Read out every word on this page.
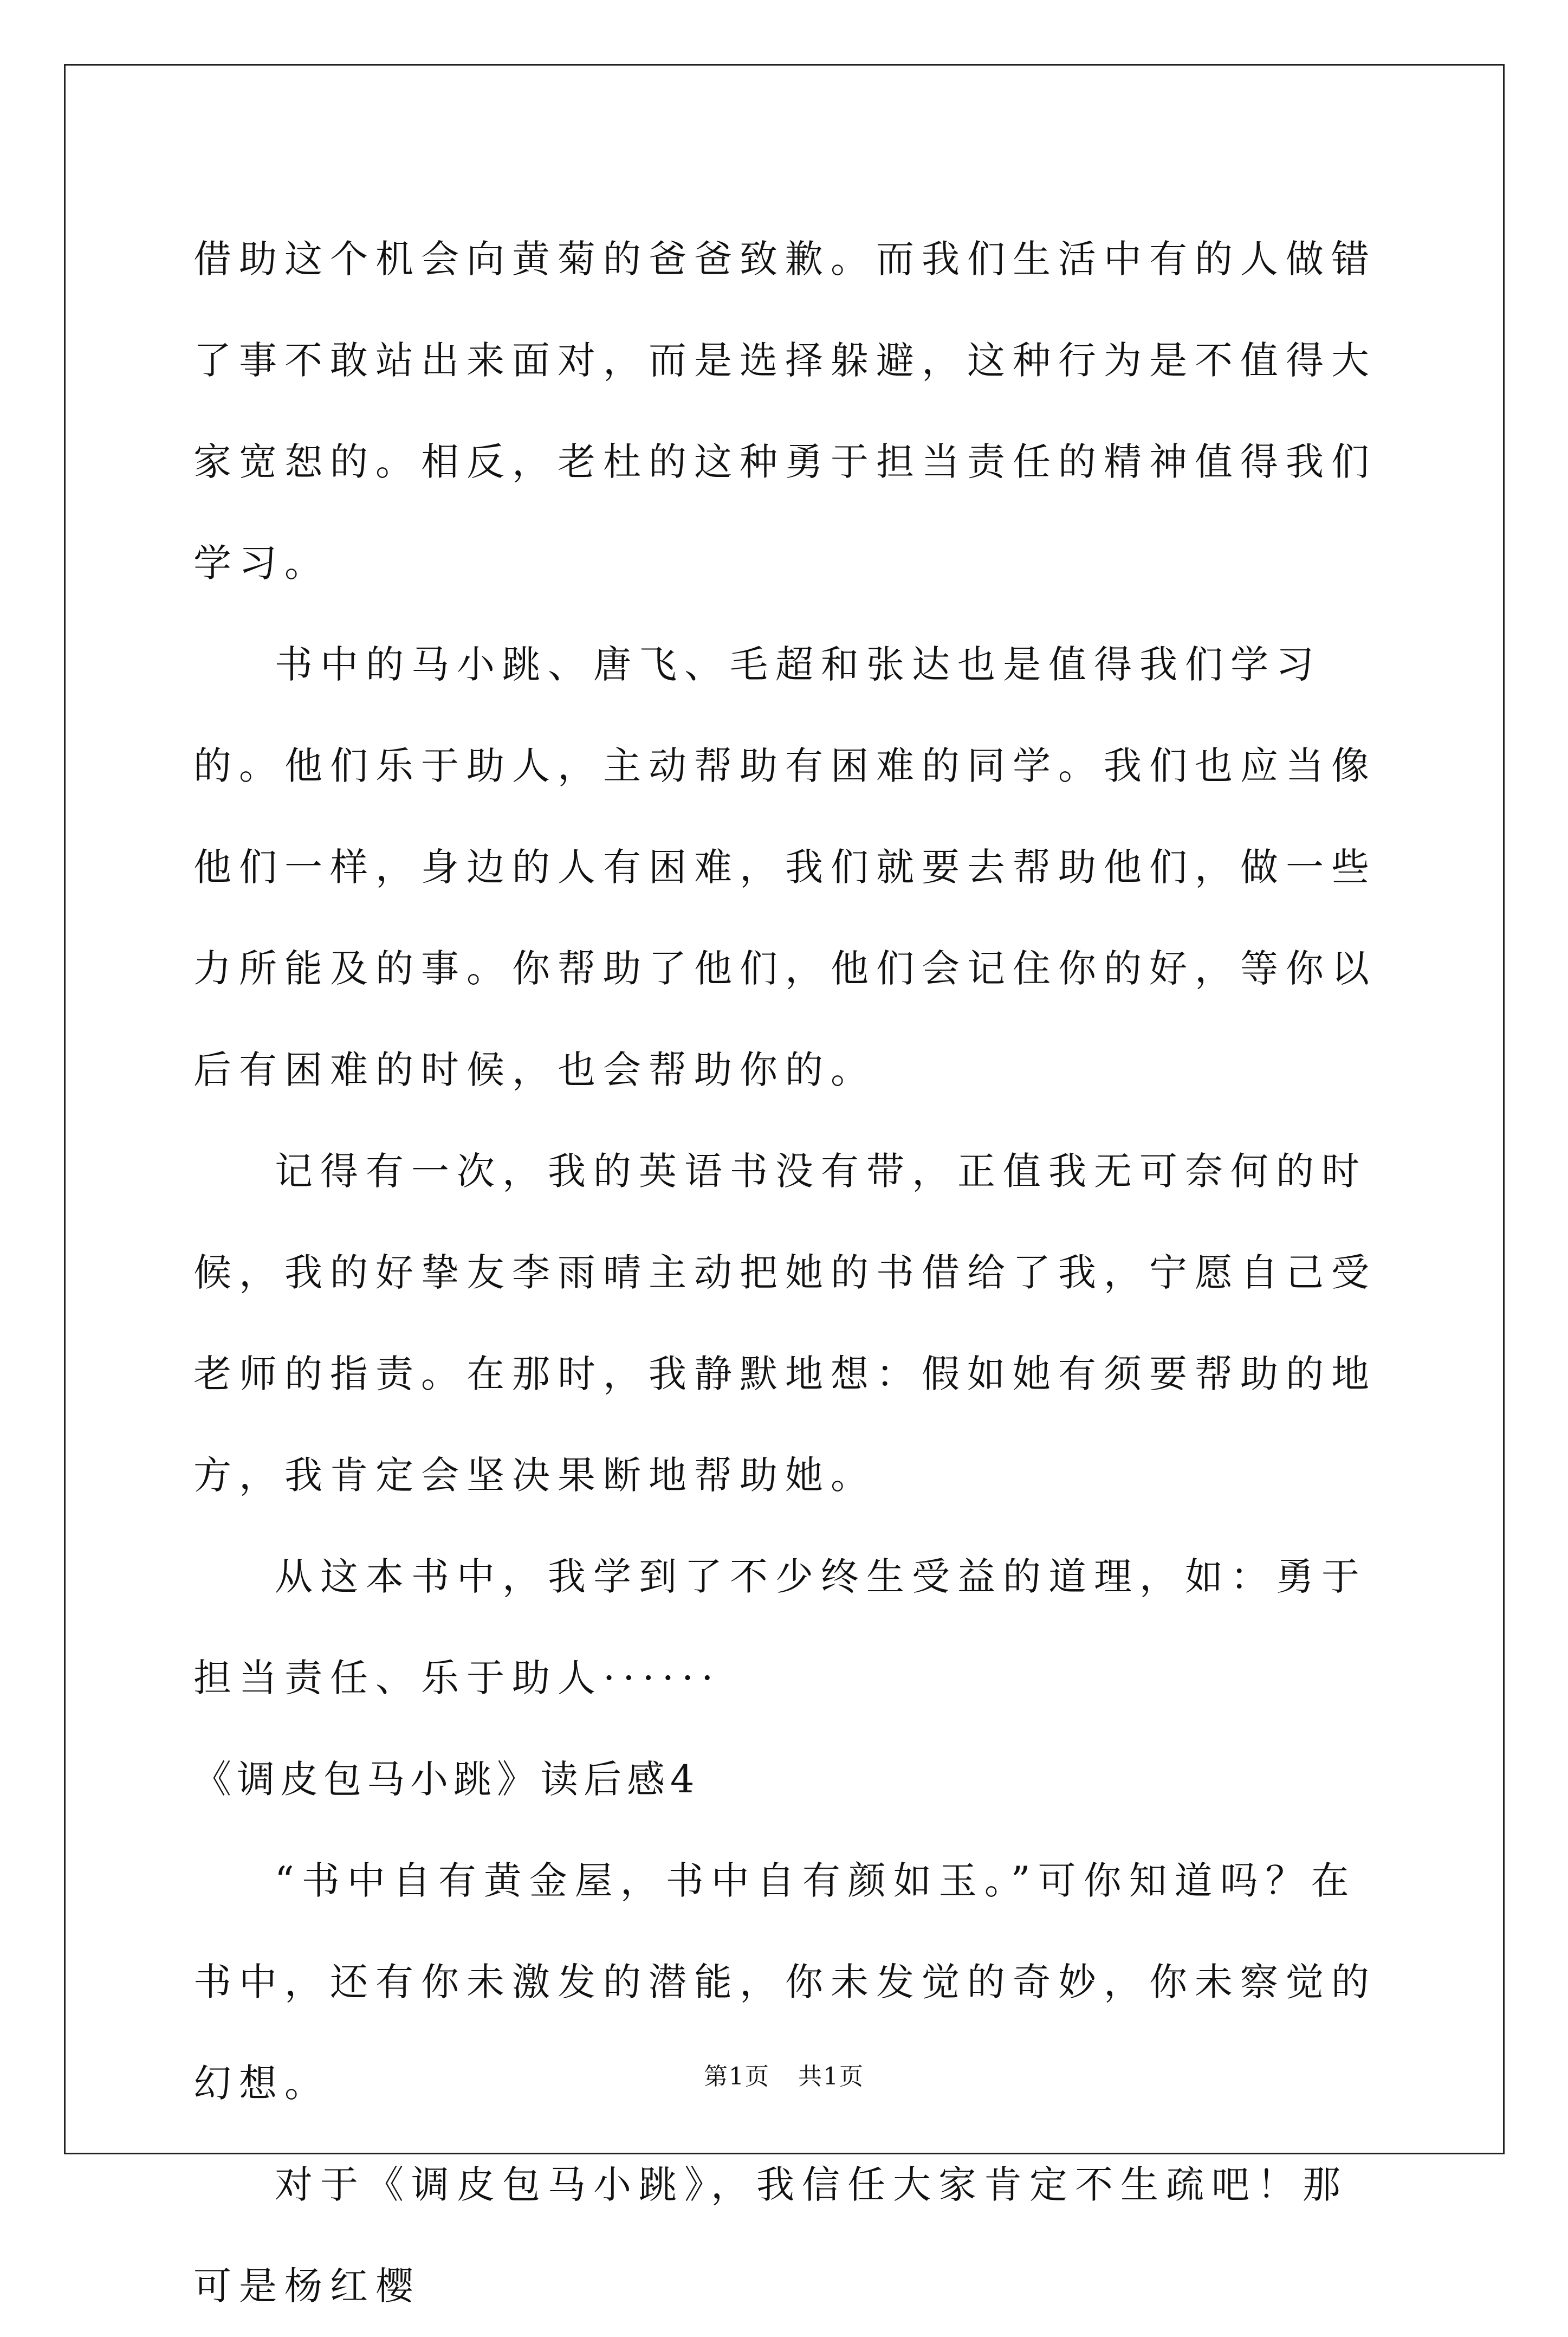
借助这个机会向黄菊的爸爸致歉。而我们生活中有的人做错了事不敢站出来面对，而是选择躲避，这种行为是不值得大家宽恕的。相反，老杜的这种勇于担当责任的精神值得我们学习。

书中的马小跳、唐飞、毛超和张达也是值得我们学习的。他们乐于助人，主动帮助有困难的同学。我们也应当像他们一样，身边的人有困难，我们就要去帮助他们，做一些力所能及的事。你帮助了他们，他们会记住你的好，等你以后有困难的时候，也会帮助你的。

记得有一次，我的英语书没有带，正值我无可奈何的时候，我的好挚友李雨晴主动把她的书借给了我，宁愿自己受老师的指责。在那时，我静默地想：假如她有须要帮助的地方，我肯定会坚决果断地帮助她。

从这本书中，我学到了不少终生受益的道理，如：勇于担当责任、乐于助人······

《调皮包马小跳》读后感4

“书中自有黄金屋，书中自有颜如玉。”可你知道吗？在书中，还有你未激发的潜能，你未发觉的奇妙，你未察觉的幻想。

对于《调皮包马小跳》，我信任大家肯定不生疏吧！那可是杨红樱

第1页 共1页
